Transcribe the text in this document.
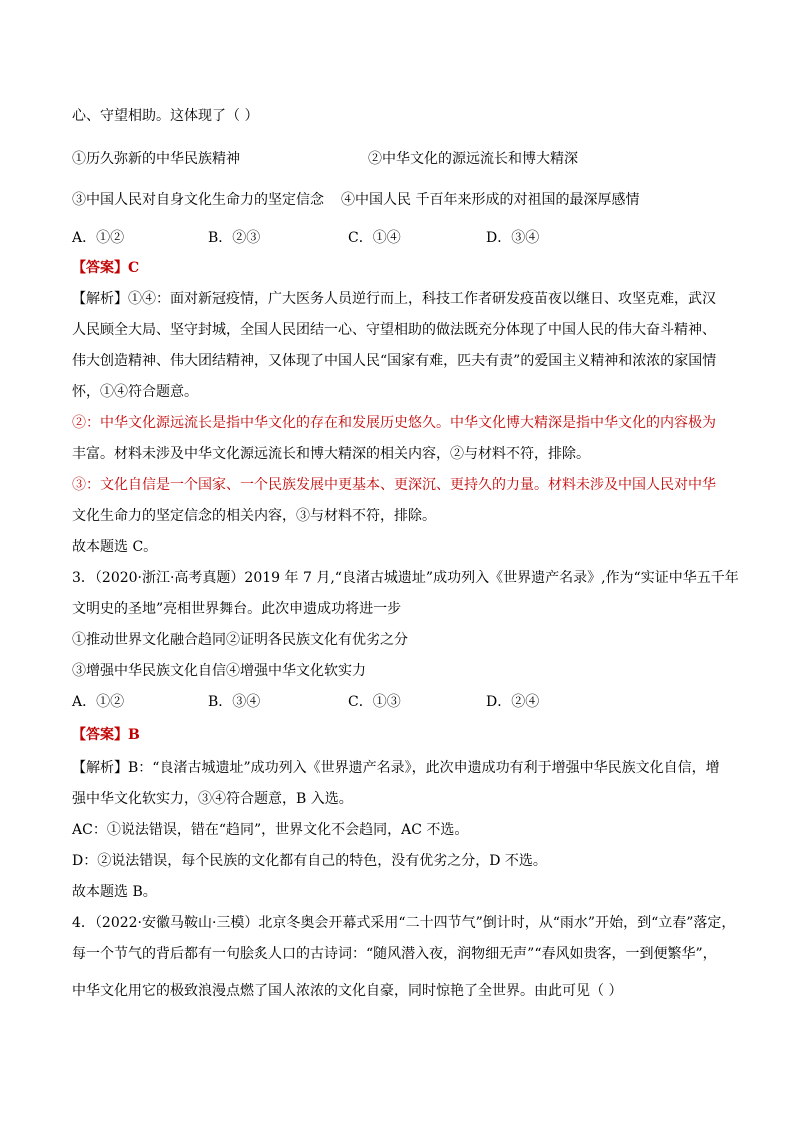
心、守望相助。这体现了（ ）
①历久弥新的中华民族精神	②中华文化的源远流长和博大精深
③中国人民对自身文化生命力的坚定信念 ④中国人民 千百年来形成的对祖国的最深厚感情
A．①②	B．②③	C．①④	D．③④
【答案】C
【解析】①④：面对新冠疫情，广大医务人员逆行而上，科技工作者研发疫苗夜以继日、攻坚克难，武汉
人民顾全大局、坚守封城，全国人民团结一心、守望相助的做法既充分体现了中国人民的伟大奋斗精神、
伟大创造精神、伟大团结精神，又体现了中国人民“国家有难，匹夫有责”的爱国主义精神和浓浓的家国情
怀，①④符合题意。
②：中华文化源远流长是指中华文化的存在和发展历史悠久。中华文化博大精深是指中华文化的内容极为
丰富。材料未涉及中华文化源远流长和博大精深的相关内容，②与材料不符，排除。
③：文化自信是一个国家、一个民族发展中更基本、更深沉、更持久的力量。材料未涉及中国人民对中华
文化生命力的坚定信念的相关内容，③与材料不符，排除。
故本题选 C。
3．（2020·浙江·高考真题）2019 年 7 月,“良渚古城遗址”成功列入《世界遗产名录》,作为“实证中华五千年
文明史的圣地”亮相世界舞台。此次申遗成功将进一步
①推动世界文化融合趋同②证明各民族文化有优劣之分
③增强中华民族文化自信④增强中华文化软实力
A．①②	B．③④	C．①③	D．②④
【答案】B
【解析】B：“良渚古城遗址”成功列入《世界遗产名录》，此次申遗成功有利于增强中华民族文化自信，增
强中华文化软实力，③④符合题意，B 入选。
AC：①说法错误，错在“趋同”，世界文化不会趋同，AC 不选。
D：②说法错误，每个民族的文化都有自己的特色，没有优劣之分，D 不选。
故本题选 B。
4．（2022·安徽马鞍山·三模）北京冬奥会开幕式采用“二十四节气”倒计时，从“雨水”开始，到“立春”落定，
每一个节气的背后都有一句脍炙人口的古诗词：“随风潜入夜，润物细无声”“春风如贵客，一到便繁华”，
中华文化用它的极致浪漫点燃了国人浓浓的文化自豪，同时惊艳了全世界。由此可见（ ）
